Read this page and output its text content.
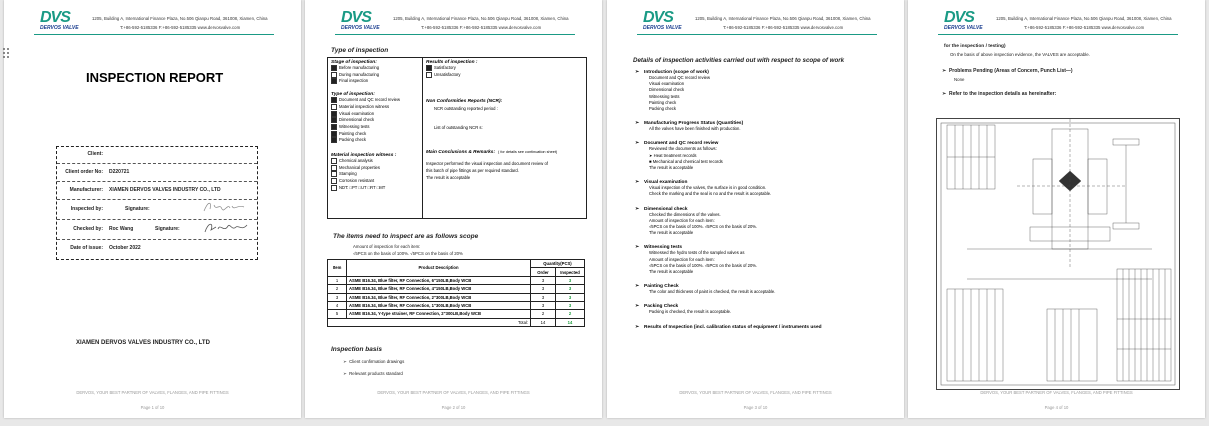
DVS
DERVOS VALVE
1205, Building A, International Finance Plaza, No.506 Qianpu Road, 361008, Xiamen, China
T:+86-592-5185336 F:+86-592-5185335 www.dervosvalve.com
INSPECTION REPORT
Client:
Client order No: D220721
Manufacturer: XIAMEN DERVOS VALVES INDUSTRY CO., LTD
Inspected by:	Signature:
Checked by: Roc Wang	Signature:
Date of issue: October 2022
XIAMEN DERVOS VALVES INDUSTRY CO., LTD
DERVOS, YOUR BEST PARTNER OF VALVES, FLANGES, AND PIPE FITTINGS
Page 1 of 10
DVS
DERVOS VALVE
1205, Building A, International Finance Plaza, No.506 Qianpu Road, 361008, Xiamen, China
T:+86-592-5185336 F:+86-592-5185335 www.dervosvalve.com
Type of inspection
Stage of inspection:
Before manufacturing
During manufacturing
Final inspection
Type of inspection:
Document and QC record review
Material inspection witness
Visual examination
Dimensional check
Witnessing tests
Painting check
Packing check
Material inspection witness :
Chemical analysis
Mechanical properties
Stamping
Corrosion resistant
NDT: □PT □UT □RT □MT
Results of inspection :
Satisfactory
Unsatisfactory
Non Conformities Reports (NCR):
NCR outstanding reported period :
List of outstanding NCR s:
Main Conclusions & Remarks: ( for details see continuation sheet)
Inspector performed the visual inspection and document review of
this batch of pipe fittings as per required standard.
The result is acceptable
The items need to inspect are as follows scope
Amount of inspection for each item:
√5PCS on the basis of 100%. √5PCS on the basis of 20%
Item	Product Description	Quantity(PCS)	
		Order	Inspected
1	ASME B16.34, Blue filter, RF Connection, 6"150LB,Body WCB	3	3
2	ASME B16.34, Blue filter, RF Connection, 4"150LB,Body WCB	3	3
3	ASME B16.34, Blue filter, RF Connection, 2"300LB,Body WCB	3	3
4	ASME B16.34, Blue filter, RF Connection, 1"300LB,Body WCB	3	3
5	ASME B16.34, Y-type strainer, RF Connection, 2"300LB,Body WCB	2	2
Total:		14	14
Inspection basis
➢  Client confirmation drawings
➢  Relevant products standard
DERVOS, YOUR BEST PARTNER OF VALVES, FLANGES, AND PIPE FITTINGS
Page 2 of 10
DVS
DERVOS VALVE
1205, Building A, International Finance Plaza, No.506 Qianpu Road, 361008, Xiamen, China
T:+86-592-5185336 F:+86-592-5185335 www.dervosvalve.com
Details of inspection activities carried out with respect to scope of work
➢ Introduction (scope of work)
Document and QC record review
Visual examination
Dimensional check
Witnessing tests
Painting check
Packing check
➢ Manufacturing Progress Status (Quantities)
All the valves have been finished with production.
➢ Document and QC record review
Reviewed the documents as follows:
➤ Heat treatment records
■ Mechanical and chemical test records
The result is acceptable
➢ Visual examination
Visual inspection of the valves, the surface is in good condition.
Check the marking and the seal is no and the result is acceptable.
➢ Dimensional check
Checked the dimensions of the valves.
Amount of inspection for each item:
√5PCS on the basis of 100%. √5PCS on the basis of 20%.
The result is acceptable
➢ Witnessing tests
Witnessed the hydro tests of the sampled valves as
Amount of inspection for each item:
√5PCS on the basis of 100%. √5PCS on the basis of 20%.
The result is acceptable
➢ Painting Check
The color and thickness of paint is checked, the result is acceptable.
➢ Packing Check
Packing is checked, the result is acceptable.
➢ Results of Inspection (incl. calibration status of equipment / instruments used
DERVOS, YOUR BEST PARTNER OF VALVES, FLANGES, AND PIPE FITTINGS
Page 3 of 10
DVS
DERVOS VALVE
1205, Building A, International Finance Plaza, No.506 Qianpu Road, 361008, Xiamen, China
T:+86-592-5185336 F:+86-592-5185335 www.dervosvalve.com
for the inspection / testing)
On the basis of above inspection evidence, the VALVES are acceptable.
➢  Problems Pending (Areas of Concern, Punch List—)
None
➢  Refer to the inspection details as hereinafter:
DERVOS, YOUR BEST PARTNER OF VALVES, FLANGES, AND PIPE FITTINGS
Page 4 of 10
